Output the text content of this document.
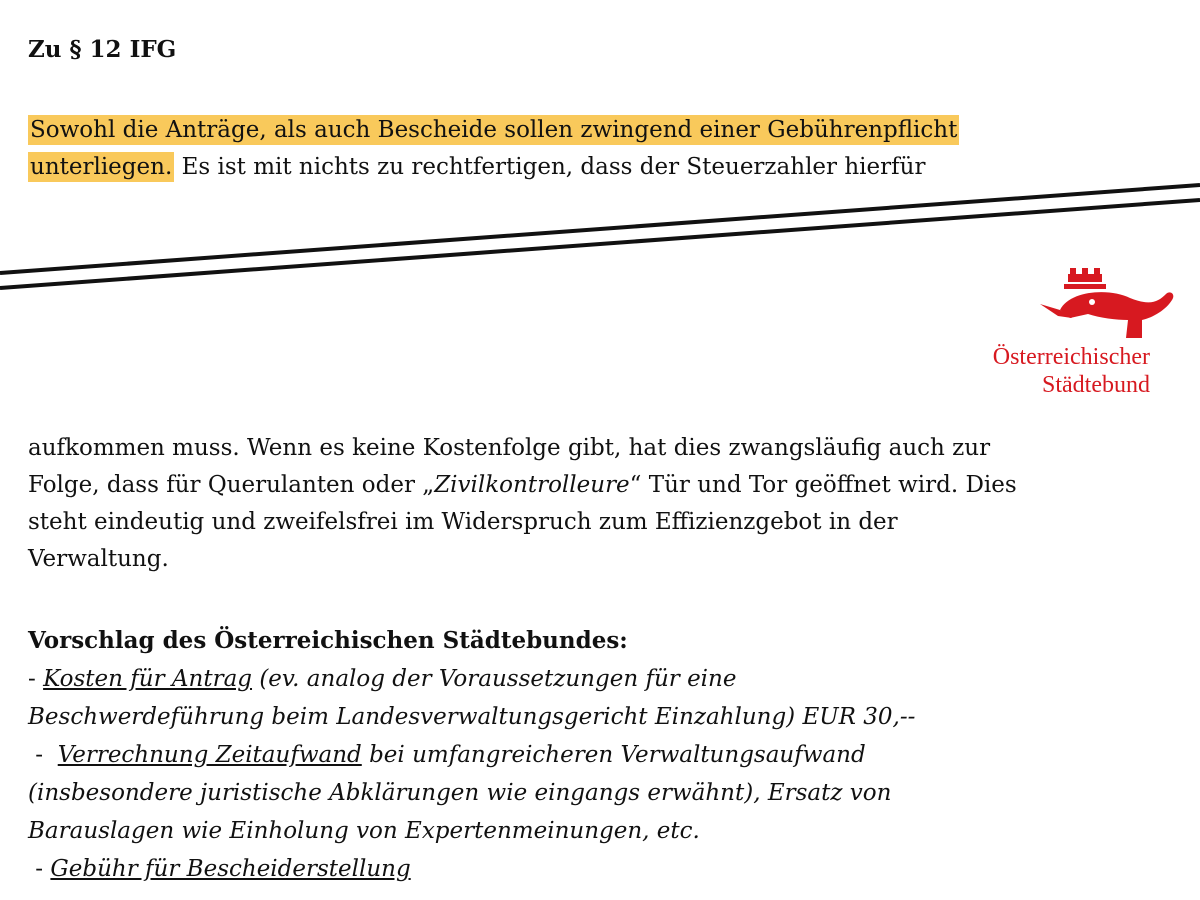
Zu § 12 IFG
Sowohl die Anträge, als auch Bescheide sollen zwingend einer Gebührenpflicht
unterliegen. Es ist mit nichts zu rechtfertigen, dass der Steuerzahler hierfür
Österreichischer
Städtebund
aufkommen muss. Wenn es keine Kostenfolge gibt, hat dies zwangsläufig auch zur Folge, dass für Querulanten oder „Zivilkontrolleure“ Tür und Tor geöffnet wird. Dies steht eindeutig und zweifelsfrei im Widerspruch zum Effizienzgebot in der Verwaltung.
Vorschlag des Österreichischen Städtebundes:
- Kosten für Antrag (ev. analog der Voraussetzungen für eine
Beschwerdeführung beim Landesverwaltungsgericht Einzahlung) EUR 30,--
-  Verrechnung Zeitaufwand bei umfangreicheren Verwaltungsaufwand
(insbesondere juristische Abklärungen wie eingangs erwähnt), Ersatz von
Barauslagen wie Einholung von Expertenmeinungen, etc.
- Gebühr für Bescheiderstellung
